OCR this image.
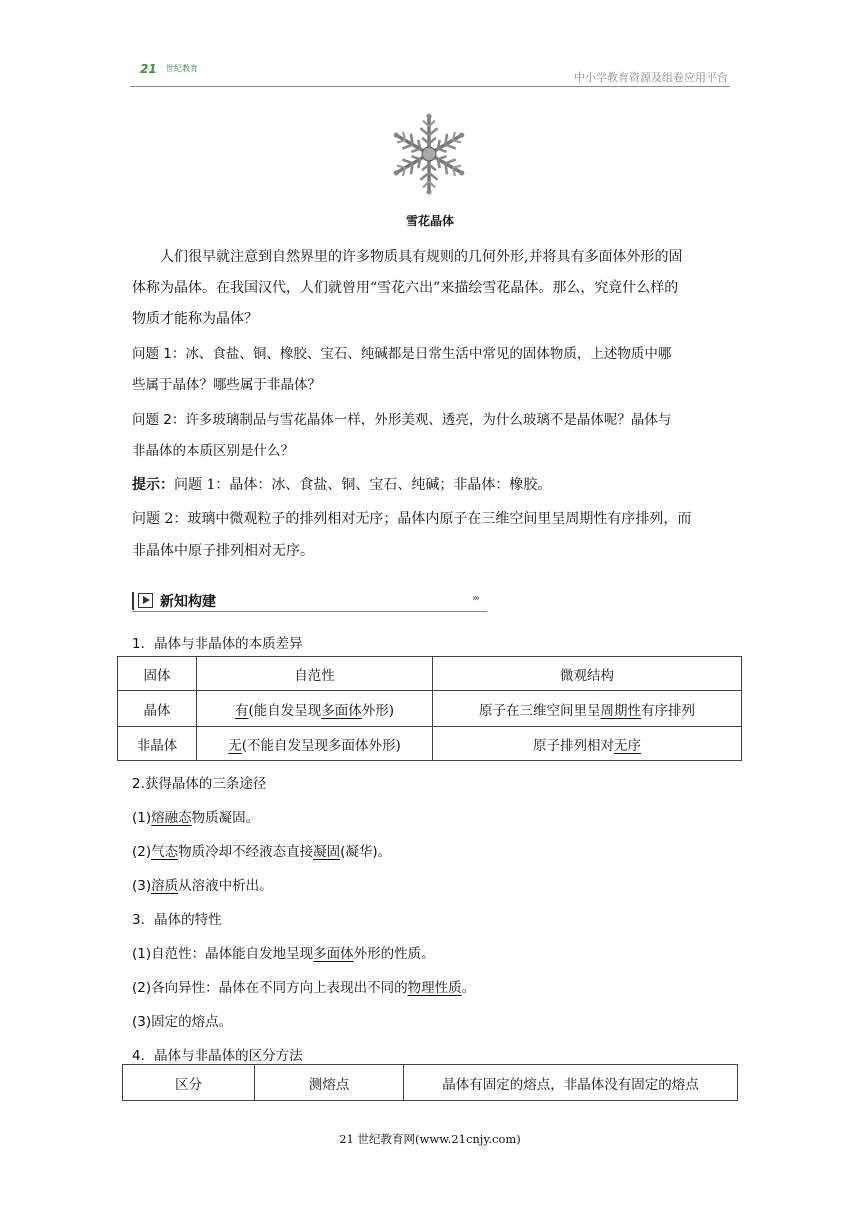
21 世纪教育
中小学教育资源及组卷应用平台
雪花晶体
人们很早就注意到自然界里的许多物质具有规则的几何外形,并将具有多面体外形的固
体称为晶体。在我国汉代，人们就曾用“雪花六出”来描绘雪花晶体。那么，究竟什么样的
物质才能称为晶体？
问题 1：冰、食盐、铜、橡胶、宝石、纯碱都是日常生活中常见的固体物质，上述物质中哪
些属于晶体？哪些属于非晶体？
问题 2：许多玻璃制品与雪花晶体一样，外形美观、透亮，为什么玻璃不是晶体呢？晶体与
非晶体的本质区别是什么？
提示：问题 1：晶体：冰、食盐、铜、宝石、纯碱；非晶体：橡胶。
问题 2：玻璃中微观粒子的排列相对无序；晶体内原子在三维空间里呈周期性有序排列，而
非晶体中原子排列相对无序。
新知构建	›››
1．晶体与非晶体的本质差异
固体	自范性	微观结构
晶体	有(能自发呈现多面体外形)	原子在三维空间里呈周期性有序排列
非晶体	无(不能自发呈现多面体外形)	原子排列相对无序
2.获得晶体的三条途径
(1)熔融态物质凝固。
(2)气态物质冷却不经液态直接凝固(凝华)。
(3)溶质从溶液中析出。
3．晶体的特性
(1)自范性：晶体能自发地呈现多面体外形的性质。
(2)各向异性：晶体在不同方向上表现出不同的物理性质。
(3)固定的熔点。
4．晶体与非晶体的区分方法
区分	测熔点	晶体有固定的熔点，非晶体没有固定的熔点
21 世纪教育网(www.21cnjy.com)
